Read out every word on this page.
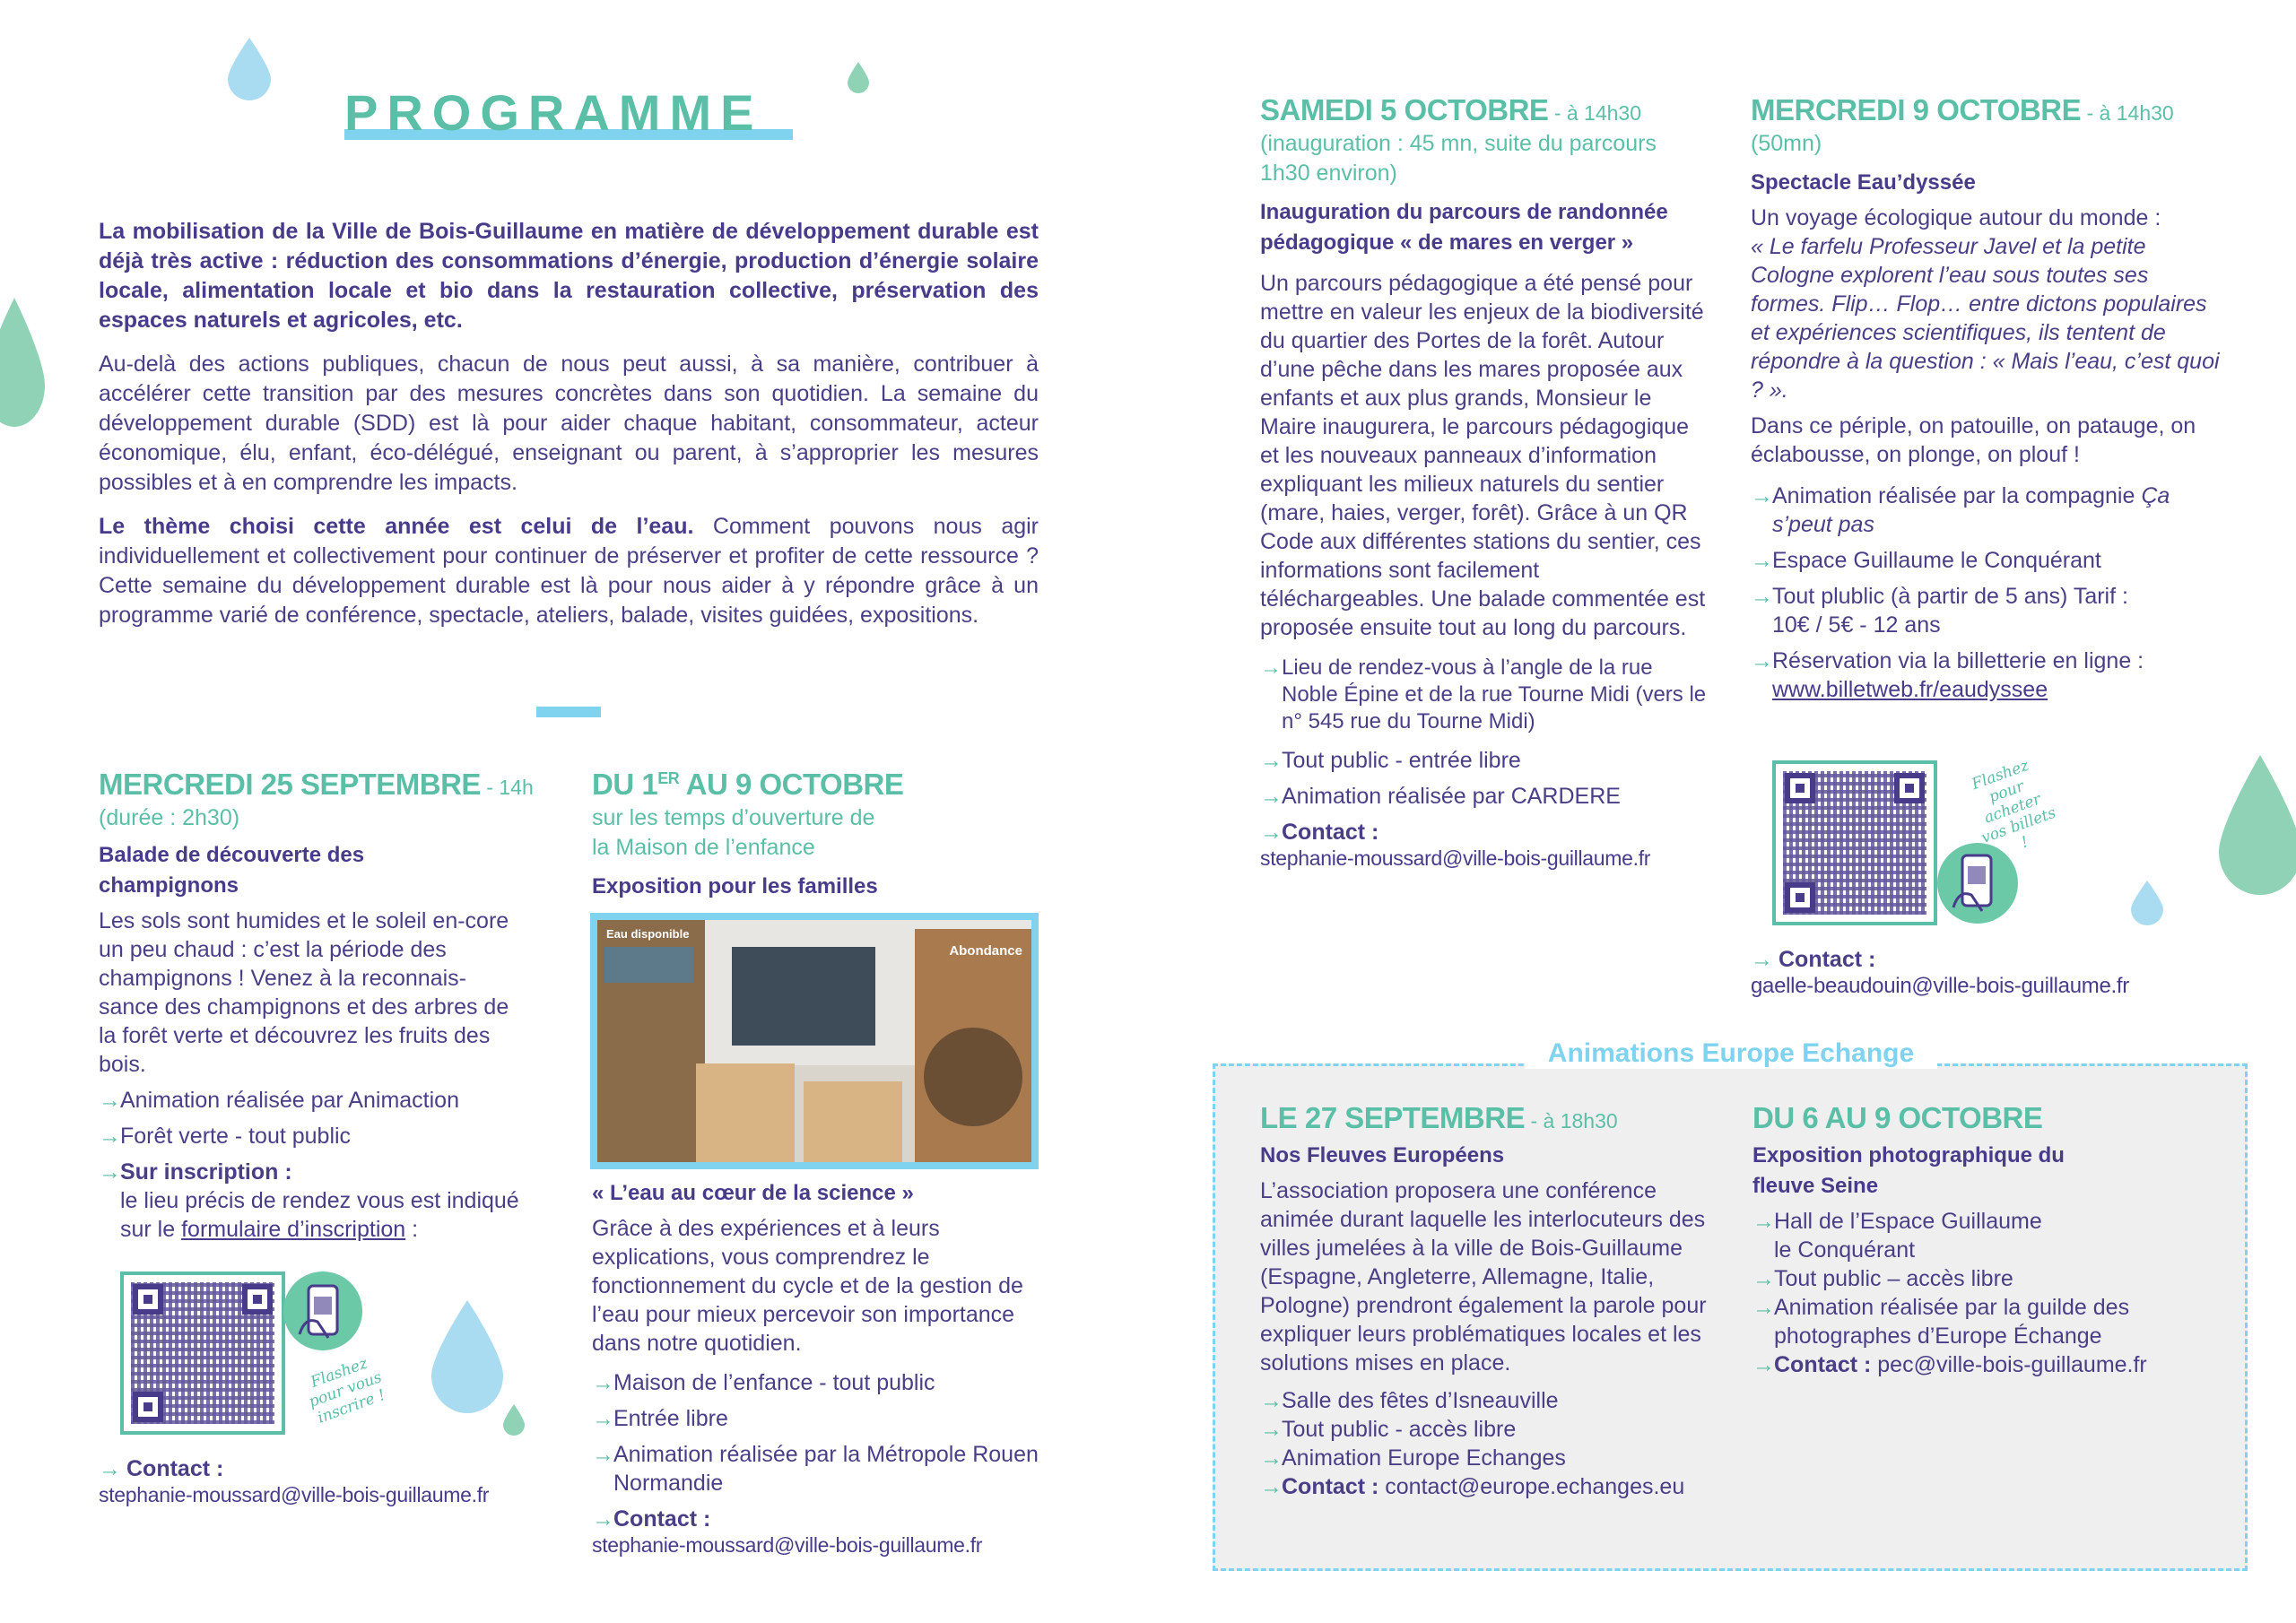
PROGRAMME

La mobilisation de la Ville de Bois-Guillaume en matière de développement durable est déjà très active : réduction des consommations d’énergie, production d’énergie solaire locale, alimentation locale et bio dans la restauration collective, préservation des espaces naturels et agricoles, etc.

Au-delà des actions publiques, chacun de nous peut aussi, à sa manière, contribuer à accélérer cette transition par des mesures concrètes dans son quotidien. La semaine du développement durable (SDD) est là pour aider chaque habitant, consommateur, acteur économique, élu, enfant, éco-délégué, enseignant ou parent, à s’approprier les mesures possibles et à en comprendre les impacts.

Le thème choisi cette année est celui de l’eau. Comment pouvons nous agir individuellement et collectivement pour continuer de préserver et profiter de cette ressource ? Cette semaine du développement durable est là pour nous aider à y répondre grâce à un programme varié de conférence, spectacle, ateliers, balade, visites guidées, expositions.

MERCREDI 25 SEPTEMBRE - 14h
(durée : 2h30)
Balade de découverte des champignons
Les sols sont humides et le soleil en-core un peu chaud : c’est la période des champignons ! Venez à la reconnais-sance des champignons et des arbres de la forêt verte et découvrez les fruits des bois.
→ Animation réalisée par Animaction
→ Forêt verte - tout public
→ Sur inscription :
le lieu précis de rendez vous est indiqué sur le formulaire d’inscription :
Flashez pour vous inscrire !
→ Contact :
stephanie-moussard@ville-bois-guillaume.fr
DU 1ER AU 9 OCTOBRE
sur les temps d’ouverture de la Maison de l’enfance
Exposition pour les familles
Eau disponible
Abondance
« L’eau au cœur de la science »
Grâce à des expériences et à leurs explications, vous comprendrez le fonctionnement du cycle et de la gestion de l’eau pour mieux percevoir son importance dans notre quotidien.
→ Maison de l’enfance - tout public
→ Entrée libre
→ Animation réalisée par la Métropole Rouen Normandie
→ Contact :
stephanie-moussard@ville-bois-guillaume.fr
SAMEDI 5 OCTOBRE - à 14h30
(inauguration : 45 mn, suite du parcours 1h30 environ)
Inauguration du parcours de randonnée pédagogique « de mares en verger »
Un parcours pédagogique a été pensé pour mettre en valeur les enjeux de la biodiversité du quartier des Portes de la forêt. Autour d’une pêche dans les mares proposée aux enfants et aux plus grands, Monsieur le Maire inaugurera, le parcours pédagogique et les nouveaux panneaux d’information expliquant les milieux naturels du sentier (mare, haies, verger, forêt). Grâce à un QR Code aux différentes stations du sentier, ces informations sont facilement téléchargeables. Une balade commentée est proposée ensuite tout au long du parcours.
→ Lieu de rendez-vous à l’angle de la rue Noble Épine et de la rue Tourne Midi (vers le n° 545 rue du Tourne Midi)
→ Tout public - entrée libre
→ Animation réalisée par CARDERE
→ Contact :
stephanie-moussard@ville-bois-guillaume.fr
MERCREDI 9 OCTOBRE - à 14h30
(50mn)
Spectacle Eau’dyssée
Un voyage écologique autour du monde :
« Le farfelu Professeur Javel et la petite Cologne explorent l’eau sous toutes ses formes. Flip… Flop… entre dictons populaires et expériences scientifiques, ils tentent de répondre à la question : « Mais l’eau, c’est quoi ? ».
Dans ce périple, on patouille, on pataugе, on éclabousse, on plonge, on plouf !
→ Animation réalisée par la compagnie Ça s’peut pas
→ Espace Guillaume le Conquérant
→ Tout plublic (à partir de 5 ans) Tarif : 10€ / 5€ - 12 ans
→ Réservation via la billetterie en ligne : www.billetweb.fr/eaudyssee
Flashez pour acheter vos billets !
→ Contact :
gaelle-beaudouin@ville-bois-guillaume.fr
Animations Europe Echange
LE 27 SEPTEMBRE - à 18h30
Nos Fleuves Européens
L’association proposera une conférence animée durant laquelle les interlocuteurs des villes jumelées à la ville de Bois-Guillaume (Espagne, Angleterre, Allemagne, Italie, Pologne) prendront également la parole pour expliquer leurs problématiques locales et les solutions mises en place.
→ Salle des fêtes d’Isneauville
→ Tout public - accès libre
→ Animation Europe Echanges
→ Contact : contact@europe.echanges.eu
DU 6 AU 9 OCTOBRE
Exposition photographique du fleuve Seine
→ Hall de l’Espace Guillaume le Conquérant
→ Tout public – accès libre
→ Animation réalisée par la guilde des photographes d’Europe Échange
→ Contact : pec@ville-bois-guillaume.fr
